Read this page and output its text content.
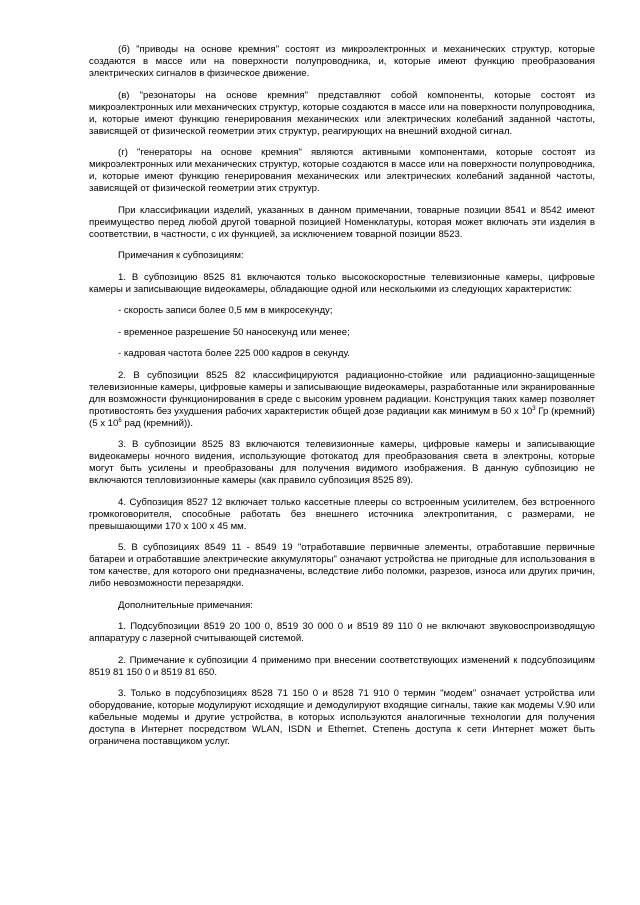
(б) "приводы на основе кремния" состоят из микроэлектронных и механических структур, которые создаются в массе или на поверхности полупроводника, и, которые имеют функцию преобразования электрических сигналов в физическое движение.

(в) "резонаторы на основе кремния" представляют собой компоненты, которые состоят из микроэлектронных или механических структур, которые создаются в массе или на поверхности полупроводника, и, которые имеют функцию генерирования механических или электрических колебаний заданной частоты, зависящей от физической геометрии этих структур, реагирующих на внешний входной сигнал.

(г) "генераторы на основе кремния" являются активными компонентами, которые состоят из микроэлектронных или механических структур, которые создаются в массе или на поверхности полупроводника, и, которые имеют функцию генерирования механических или электрических колебаний заданной частоты, зависящей от физической геометрии этих структур.

При классификации изделий, указанных в данном примечании, товарные позиции 8541 и 8542 имеют преимущество перед любой другой товарной позицией Номенклатуры, которая может включать эти изделия в соответствии, в частности, с их функцией, за исключением товарной позиции 8523.

Примечания к субпозициям:

1. В субпозицию 8525 81 включаются только высокоскоростные телевизионные камеры, цифровые камеры и записывающие видеокамеры, обладающие одной или несколькими из следующих характеристик:

- скорость записи более 0,5 мм в микросекунду;

- временное разрешение 50 наносекунд или менее;

- кадровая частота более 225 000 кадров в секунду.

2. В субпозиции 8525 82 классифицируются радиационно-стойкие или радиационно-защищенные телевизионные камеры, цифровые камеры и записывающие видеокамеры, разработанные или экранированные для возможности функционирования в среде с высоким уровнем радиации. Конструкция таких камер позволяет противостоять без ухудшения рабочих характеристик общей дозе радиации как минимум в 50 х $10^3$ Гр (кремний) (5 х $10^6$ рад (кремний)).

3. В субпозиции 8525 83 включаются телевизионные камеры, цифровые камеры и записывающие видеокамеры ночного видения, использующие фотокатод для преобразования света в электроны, которые могут быть усилены и преобразованы для получения видимого изображения. В данную субпозицию не включаются тепловизионные камеры (как правило субпозиция 8525 89).

4. Субпозиция 8527 12 включает только кассетные плееры со встроенным усилителем, без встроенного громкоговорителя, способные работать без внешнего источника электропитания, с размерами, не превышающими 170 х 100 х 45 мм.

5. В субпозициях 8549 11 - 8549 19 "отработавшие первичные элементы, отработавшие первичные батареи и отработавшие электрические аккумуляторы" означают устройства не пригодные для использования в том качестве, для которого они предназначены, вследствие либо поломки, разрезов, износа или других причин, либо невозможности перезарядки.

Дополнительные примечания:

1. Подсубпозиции 8519 20 100 0, 8519 30 000 0 и 8519 89 110 0 не включают звуковоспроизводящую аппаратуру с лазерной считывающей системой.

2. Примечание к субпозиции 4 применимо при внесении соответствующих изменений к подсубпозициям 8519 81 150 0 и 8519 81 650.

3. Только в подсубпозициях 8528 71 150 0 и 8528 71 910 0 термин "модем" означает устройства или оборудование, которые модулируют исходящие и демодулируют входящие сигналы, такие как модемы V.90 или кабельные модемы и другие устройства, в которых используются аналогичные технологии для получения доступа в Интернет посредством WLAN, ISDN и Ethernet. Степень доступа к сети Интернет может быть ограничена поставщиком услуг.
